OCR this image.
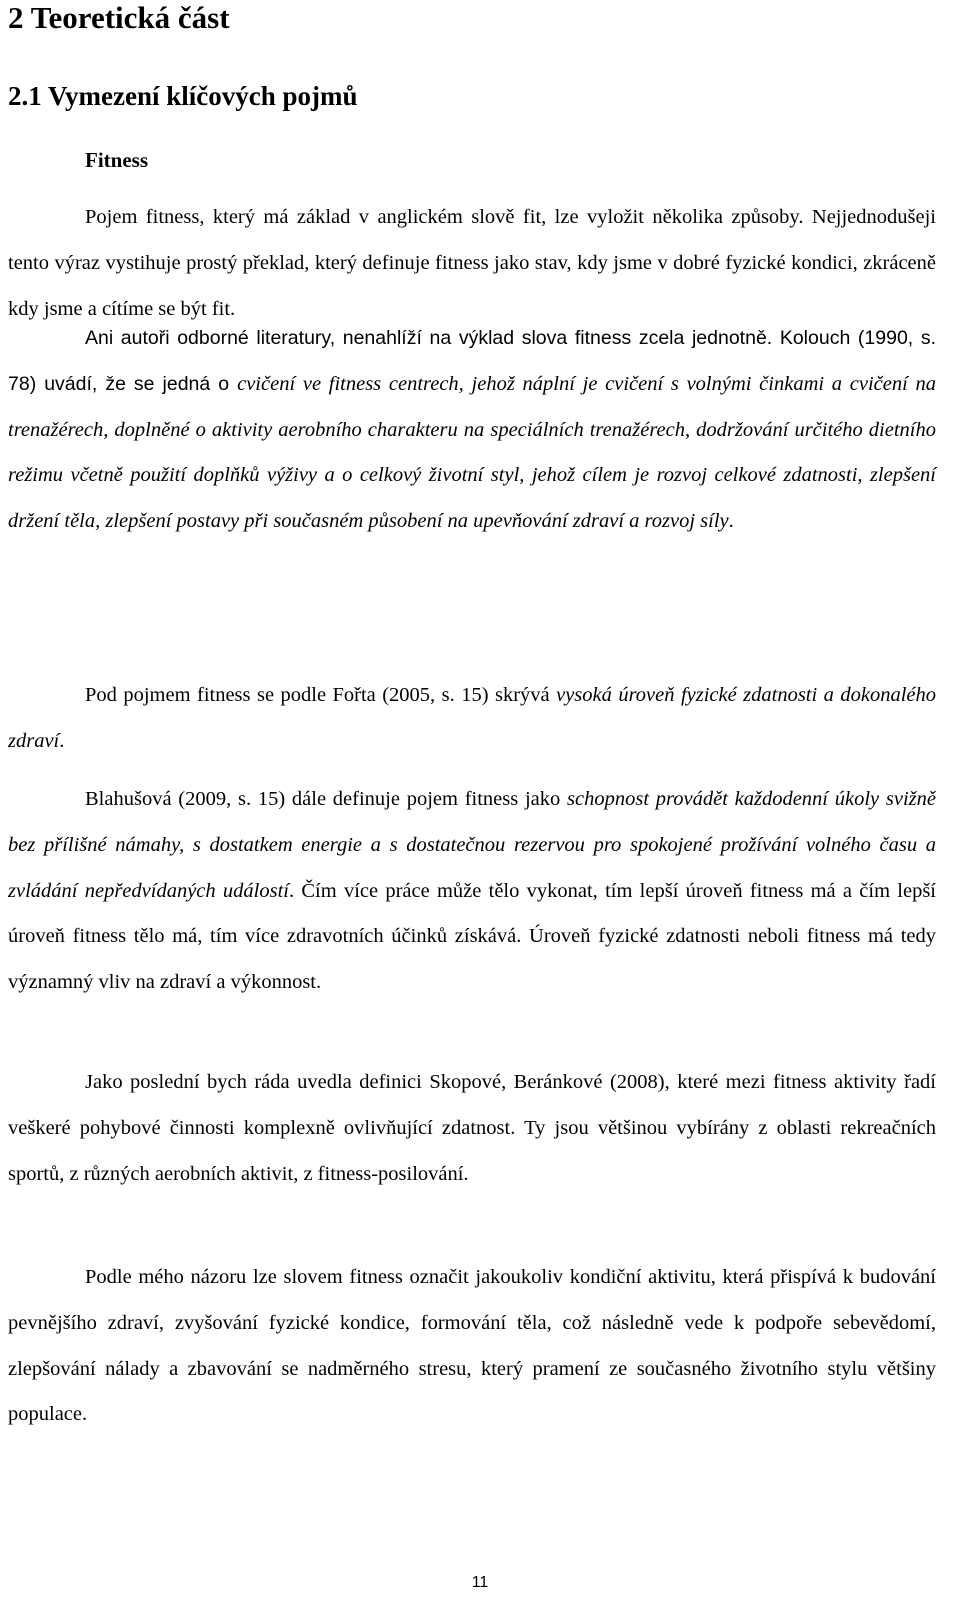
2 Teoretická část
2.1 Vymezení klíčových pojmů
Fitness

Pojem fitness, který má základ v anglickém slově fit, lze vyložit několika způsoby. Nejjednodušeji tento výraz vystihuje prostý překlad, který definuje fitness jako stav, kdy jsme v dobré fyzické kondici, zkráceně kdy jsme a cítíme se být fit.

Ani autoři odborné literatury, nenahlíží na výklad slova fitness zcela jednotně. Kolouch (1990, s. 78) uvádí, že se jedná o cvičení ve fitness centrech, jehož náplní je cvičení s volnými činkami a cvičení na trenažérech, doplněné o aktivity aerobního charakteru na speciálních trenažérech, dodržování určitého dietního režimu včetně použití doplňků výživy a o celkový životní styl, jehož cílem je rozvoj celkové zdatnosti, zlepšení držení těla, zlepšení postavy při současném působení na upevňování zdraví a rozvoj síly.

Pod pojmem fitness se podle Fořta (2005, s. 15) skrývá vysoká úroveň fyzické zdatnosti a dokonalého zdraví.

Blahušová (2009, s. 15) dále definuje pojem fitness jako schopnost provádět každodenní úkoly svižně bez přílišné námahy, s dostatkem energie a s dostatečnou rezervou pro spokojené prožívání volného času a zvládání nepředvídaných událostí. Čím více práce může tělo vykonat, tím lepší úroveň fitness má a čím lepší úroveň fitness tělo má, tím více zdravotních účinků získává. Úroveň fyzické zdatnosti neboli fitness má tedy významný vliv na zdraví a výkonnost.

Jako poslední bych ráda uvedla definici Skopové, Beránkové (2008), které mezi fitness aktivity řadí veškeré pohybové činnosti komplexně ovlivňující zdatnost. Ty jsou většinou vybírány z oblasti rekreačních sportů, z různých aerobních aktivit, z fitness-posilování.

Podle mého názoru lze slovem fitness označit jakoukoliv kondiční aktivitu, která přispívá k budování pevnějšího zdraví, zvyšování fyzické kondice, formování těla, což následně vede k podpoře sebevědomí, zlepšování nálady a zbavování se nadměrného stresu, který pramení ze současného životního stylu většiny populace.

11
